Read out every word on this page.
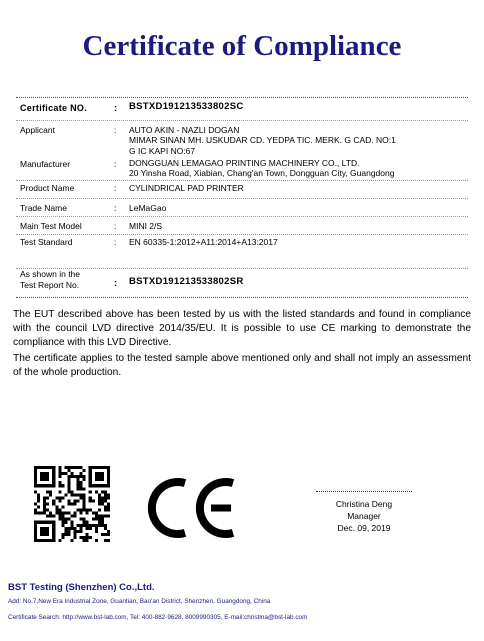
Certificate of Compliance
Certificate NO.	: BSTXD191213533802SC
Applicant	: AUTO AKIN - NAZLI DOGAN
MIMAR SINAN MH. USKUDAR CD. YEDPA TIC. MERK. G CAD. NO:1
G IC KAPI NO:67
Manufacturer	: DONGGUAN LEMAGAO PRINTING MACHINERY CO., LTD.
20 Yinsha Road, Xiabian, Chang'an Town, Dongguan City, Guangdong
Product Name	: CYLINDRICAL PAD PRINTER
Trade Name	: LeMaGao
Main Test Model	: MINI 2/S
Test Standard	: EN 60335-1:2012+A11:2014+A13:2017
As shown in the
Test Report No.	: BSTXD191213533802SR
The EUT described above has been tested by us with the listed standards and found in compliance with the council LVD directive 2014/35/EU. It is possible to use CE marking to demonstrate the compliance with this LVD Directive.
The certificate applies to the tested sample above mentioned only and shall not imply an assessment of the whole production.
Christina Deng
Manager
Dec. 09, 2019
BST Testing (Shenzhen) Co.,Ltd.
Add: No.7,New Era Industrial Zone, Guantian, Bao'an District, Shenzhen, Guangdong, China
Certificate Search: http://www.bst-lab.com, Tel: 400-882-9628, 8009990305, E-mail:christina@bst-lab.com
